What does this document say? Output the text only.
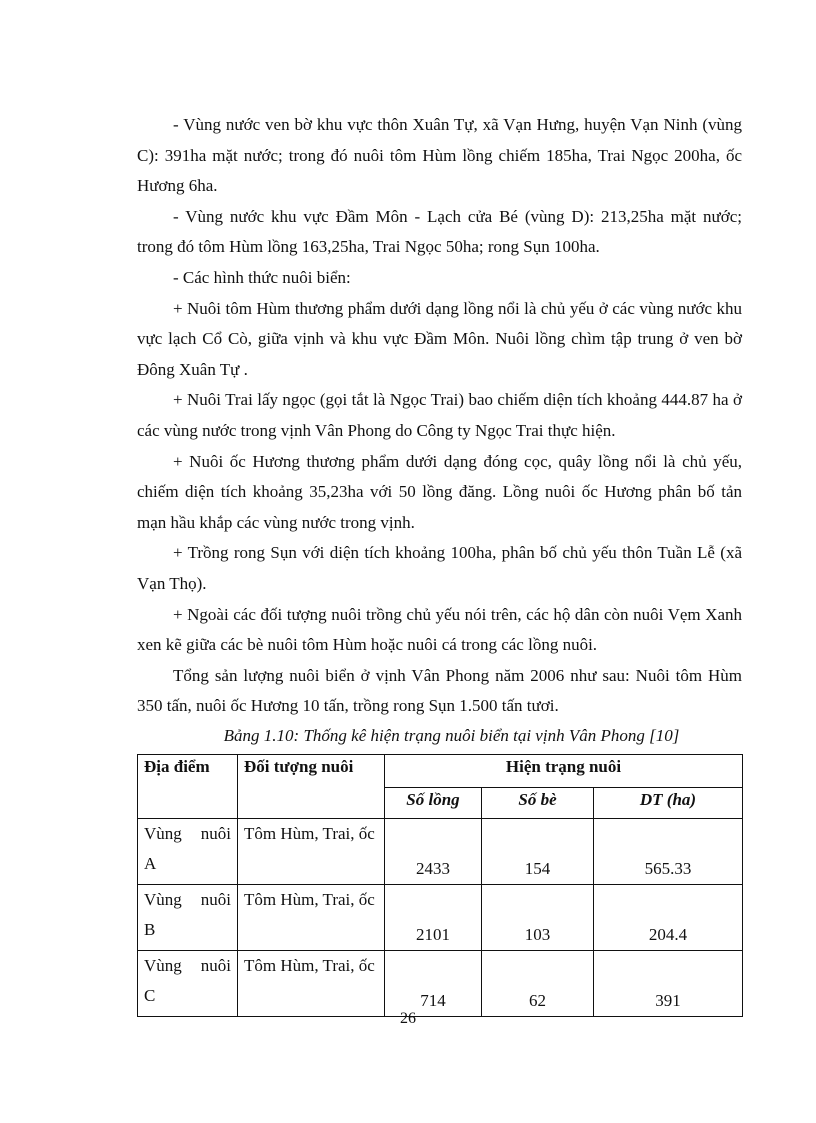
- Vùng nước ven bờ khu vực thôn Xuân Tự, xã Vạn Hưng, huyện Vạn Ninh (vùng C): 391ha mặt nước; trong đó nuôi tôm Hùm lồng chiếm 185ha, Trai Ngọc 200ha, ốc Hương 6ha.

- Vùng nước khu vực Đầm Môn - Lạch cửa Bé (vùng D): 213,25ha mặt nước; trong đó tôm Hùm lồng 163,25ha, Trai Ngọc 50ha; rong Sụn 100ha.

- Các hình thức nuôi biển:

+ Nuôi tôm Hùm thương phẩm dưới dạng lồng nổi là chủ yếu ở các vùng nước khu vực lạch Cổ Cò, giữa vịnh và khu vực Đầm Môn. Nuôi lồng chìm tập trung ở ven bờ Đông Xuân Tự .

+ Nuôi Trai lấy ngọc (gọi tắt là Ngọc Trai) bao chiếm diện tích khoảng 444.87 ha ở các vùng nước trong vịnh Vân Phong do Công ty Ngọc Trai thực hiện.

+ Nuôi ốc Hương thương phẩm dưới dạng đóng cọc, quây lồng nổi là chủ yếu, chiếm diện tích khoảng 35,23ha với 50 lồng đăng. Lồng nuôi ốc Hương phân bố tản mạn hầu khắp các vùng nước trong vịnh.

+ Trồng rong Sụn với diện tích khoảng 100ha, phân bố chủ yếu thôn Tuần Lễ (xã Vạn Thọ).

+ Ngoài các đối tượng nuôi trồng chủ yếu nói trên, các hộ dân còn nuôi Vẹm Xanh xen kẽ giữa các bè nuôi tôm Hùm hoặc nuôi cá trong các lồng nuôi.

Tổng sản lượng nuôi biển ở vịnh Vân Phong năm 2006 như sau: Nuôi tôm Hùm 350 tấn, nuôi ốc Hương 10 tấn, trồng rong Sụn 1.500 tấn tươi.

Bảng 1.10: Thống kê hiện trạng nuôi biển tại vịnh Vân Phong [10]

Địa điểm	Đối tượng nuôi	Hiện trạng nuôi		
		Số lồng	Số bè	DT (ha)
Vùng nuôi A	Tôm Hùm, Trai, ốc	2433	154	565.33
Vùng nuôi B	Tôm Hùm, Trai, ốc	2101	103	204.4
Vùng nuôi C	Tôm Hùm, Trai, ốc	714	62	391
26
